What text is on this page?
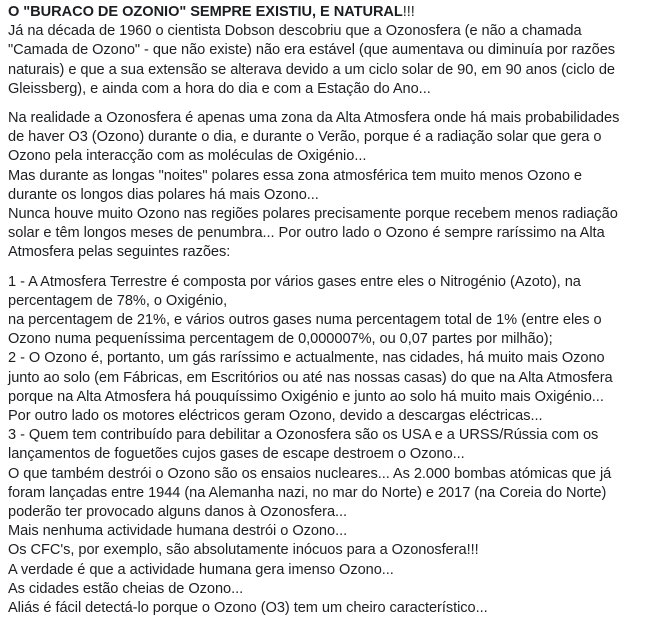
O "BURACO DE OZONIO" SEMPRE EXISTIU, E NATURAL!!!
Já na década de 1960 o cientista Dobson descobriu que a Ozonosfera (e não a chamada
"Camada de Ozono" - que não existe) não era estável (que aumentava ou diminuía por razões
naturais) e que a sua extensão se alterava devido a um ciclo solar de 90, em 90 anos (ciclo de
Gleissberg), e ainda com a hora do dia e com a Estação do Ano...
Na realidade a Ozonosfera é apenas uma zona da Alta Atmosfera onde há mais probabilidades
de haver O3 (Ozono) durante o dia, e durante o Verão, porque é a radiação solar que gera o
Ozono pela interacção com as moléculas de Oxigénio...
Mas durante as longas "noites" polares essa zona atmosférica tem muito menos Ozono e
durante os longos dias polares há mais Ozono...
Nunca houve muito Ozono nas regiões polares precisamente porque recebem menos radiação
solar e têm longos meses de penumbra... Por outro lado o Ozono é sempre raríssimo na Alta
Atmosfera pelas seguintes razões:
1 - A Atmosfera Terrestre é composta por vários gases entre eles o Nitrogénio (Azoto), na
percentagem de 78%, o Oxigénio,
na percentagem de 21%, e vários outros gases numa percentagem total de 1% (entre eles o
Ozono numa pequeníssima percentagem de 0,000007%, ou 0,07 partes por milhão);
2 - O Ozono é, portanto, um gás raríssimo e actualmente, nas cidades, há muito mais Ozono
junto ao solo (em Fábricas, em Escritórios ou até nas nossas casas) do que na Alta Atmosfera
porque na Alta Atmosfera há pouquíssimo Oxigénio e junto ao solo há muito mais Oxigénio...
Por outro lado os motores eléctricos geram Ozono, devido a descargas eléctricas...
3 - Quem tem contribuído para debilitar a Ozonosfera são os USA e a URSS/Rússia com os
lançamentos de foguetões cujos gases de escape destroem o Ozono...
O que também destrói o Ozono são os ensaios nucleares... As 2.000 bombas atómicas que já
foram lançadas entre 1944 (na Alemanha nazi, no mar do Norte) e 2017 (na Coreia do Norte)
poderão ter provocado alguns danos à Ozonosfera...
Mais nenhuma actividade humana destrói o Ozono...
Os CFC's, por exemplo, são absolutamente inócuos para a Ozonosfera!!!
A verdade é que a actividade humana gera imenso Ozono...
As cidades estão cheias de Ozono...
Aliás é fácil detectá-lo porque o Ozono (O3) tem um cheiro característico...
